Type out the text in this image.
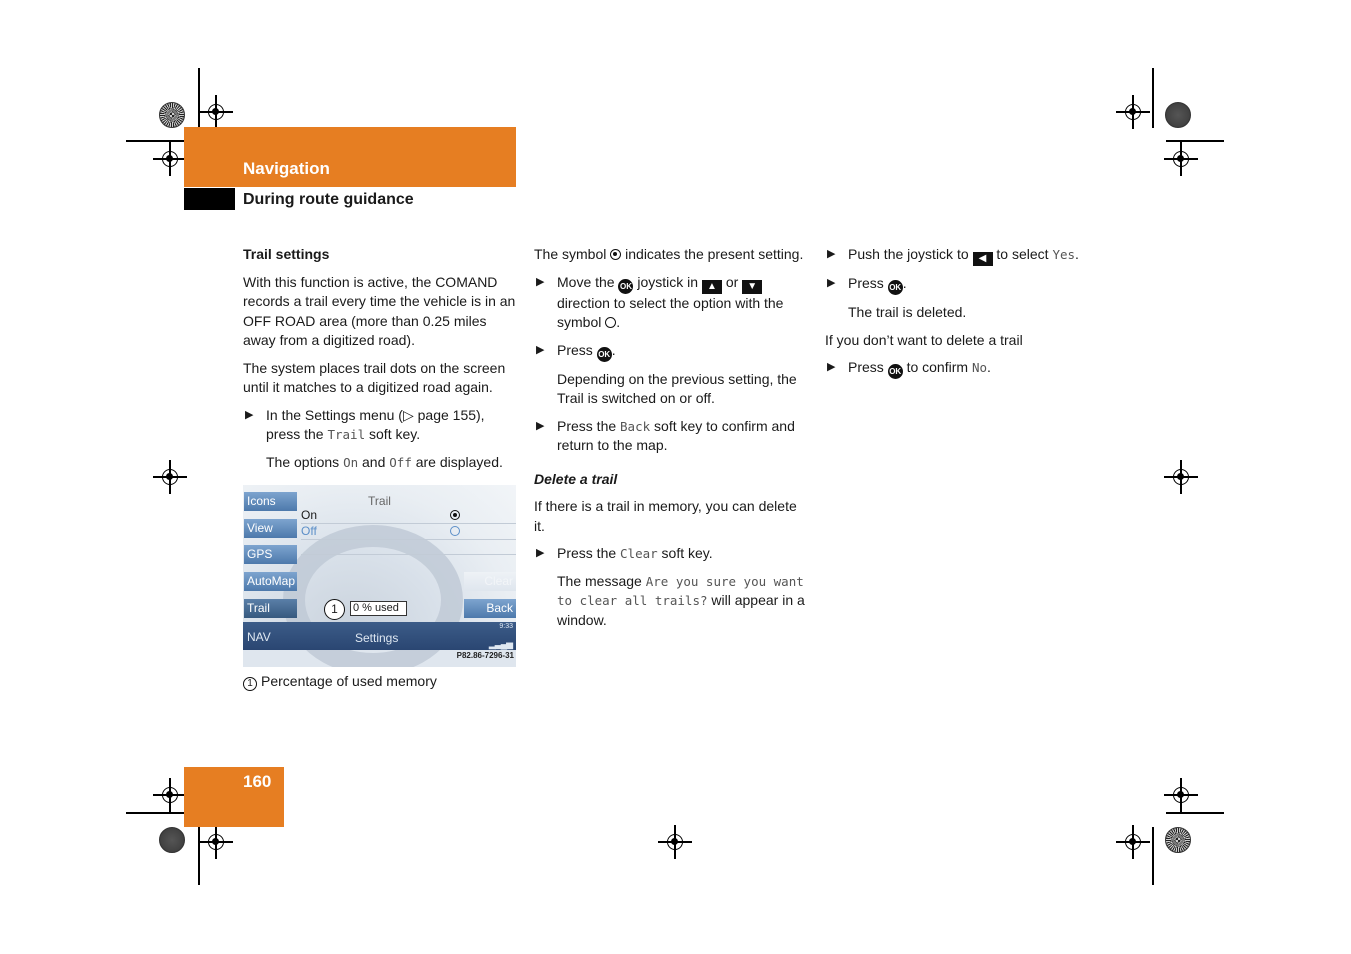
Navigation
During route guidance
Trail settings

With this function is active, the COMAND records a trail every time the vehicle is in an OFF ROAD area (more than 0.25 miles away from a digitized road).

The system places trail dots on the screen until it matches to a digitized road again.

▶ In the Settings menu (▷ page 155), press the Trail soft key.
The options On and Off are displayed.
Trail
Icons
View
GPS
AutoMap
Trail
On
Off
Clear
Back
1	0 % used
NAV	Settings
9:33
▂▃▄▅
P82.86-7296-31
1 Percentage of used memory

The symbol  indicates the present setting.

▶ Move the OK joystick in ▲ or ▼ direction to select the option with the symbol .
▶ Press OK .
Depending on the previous setting, the Trail is switched on or off.
▶ Press the Back soft key to confirm and return to the map.
Delete a trail

If there is a trail in memory, you can delete it.

▶ Press the Clear soft key.
The message Are you sure you want to clear all trails? will appear in a window.
▶ Push the joystick to ◀ to select Yes.
▶ Press OK .
The trail is deleted.

If you don’t want to delete a trail

▶ Press OK to confirm No.
160
